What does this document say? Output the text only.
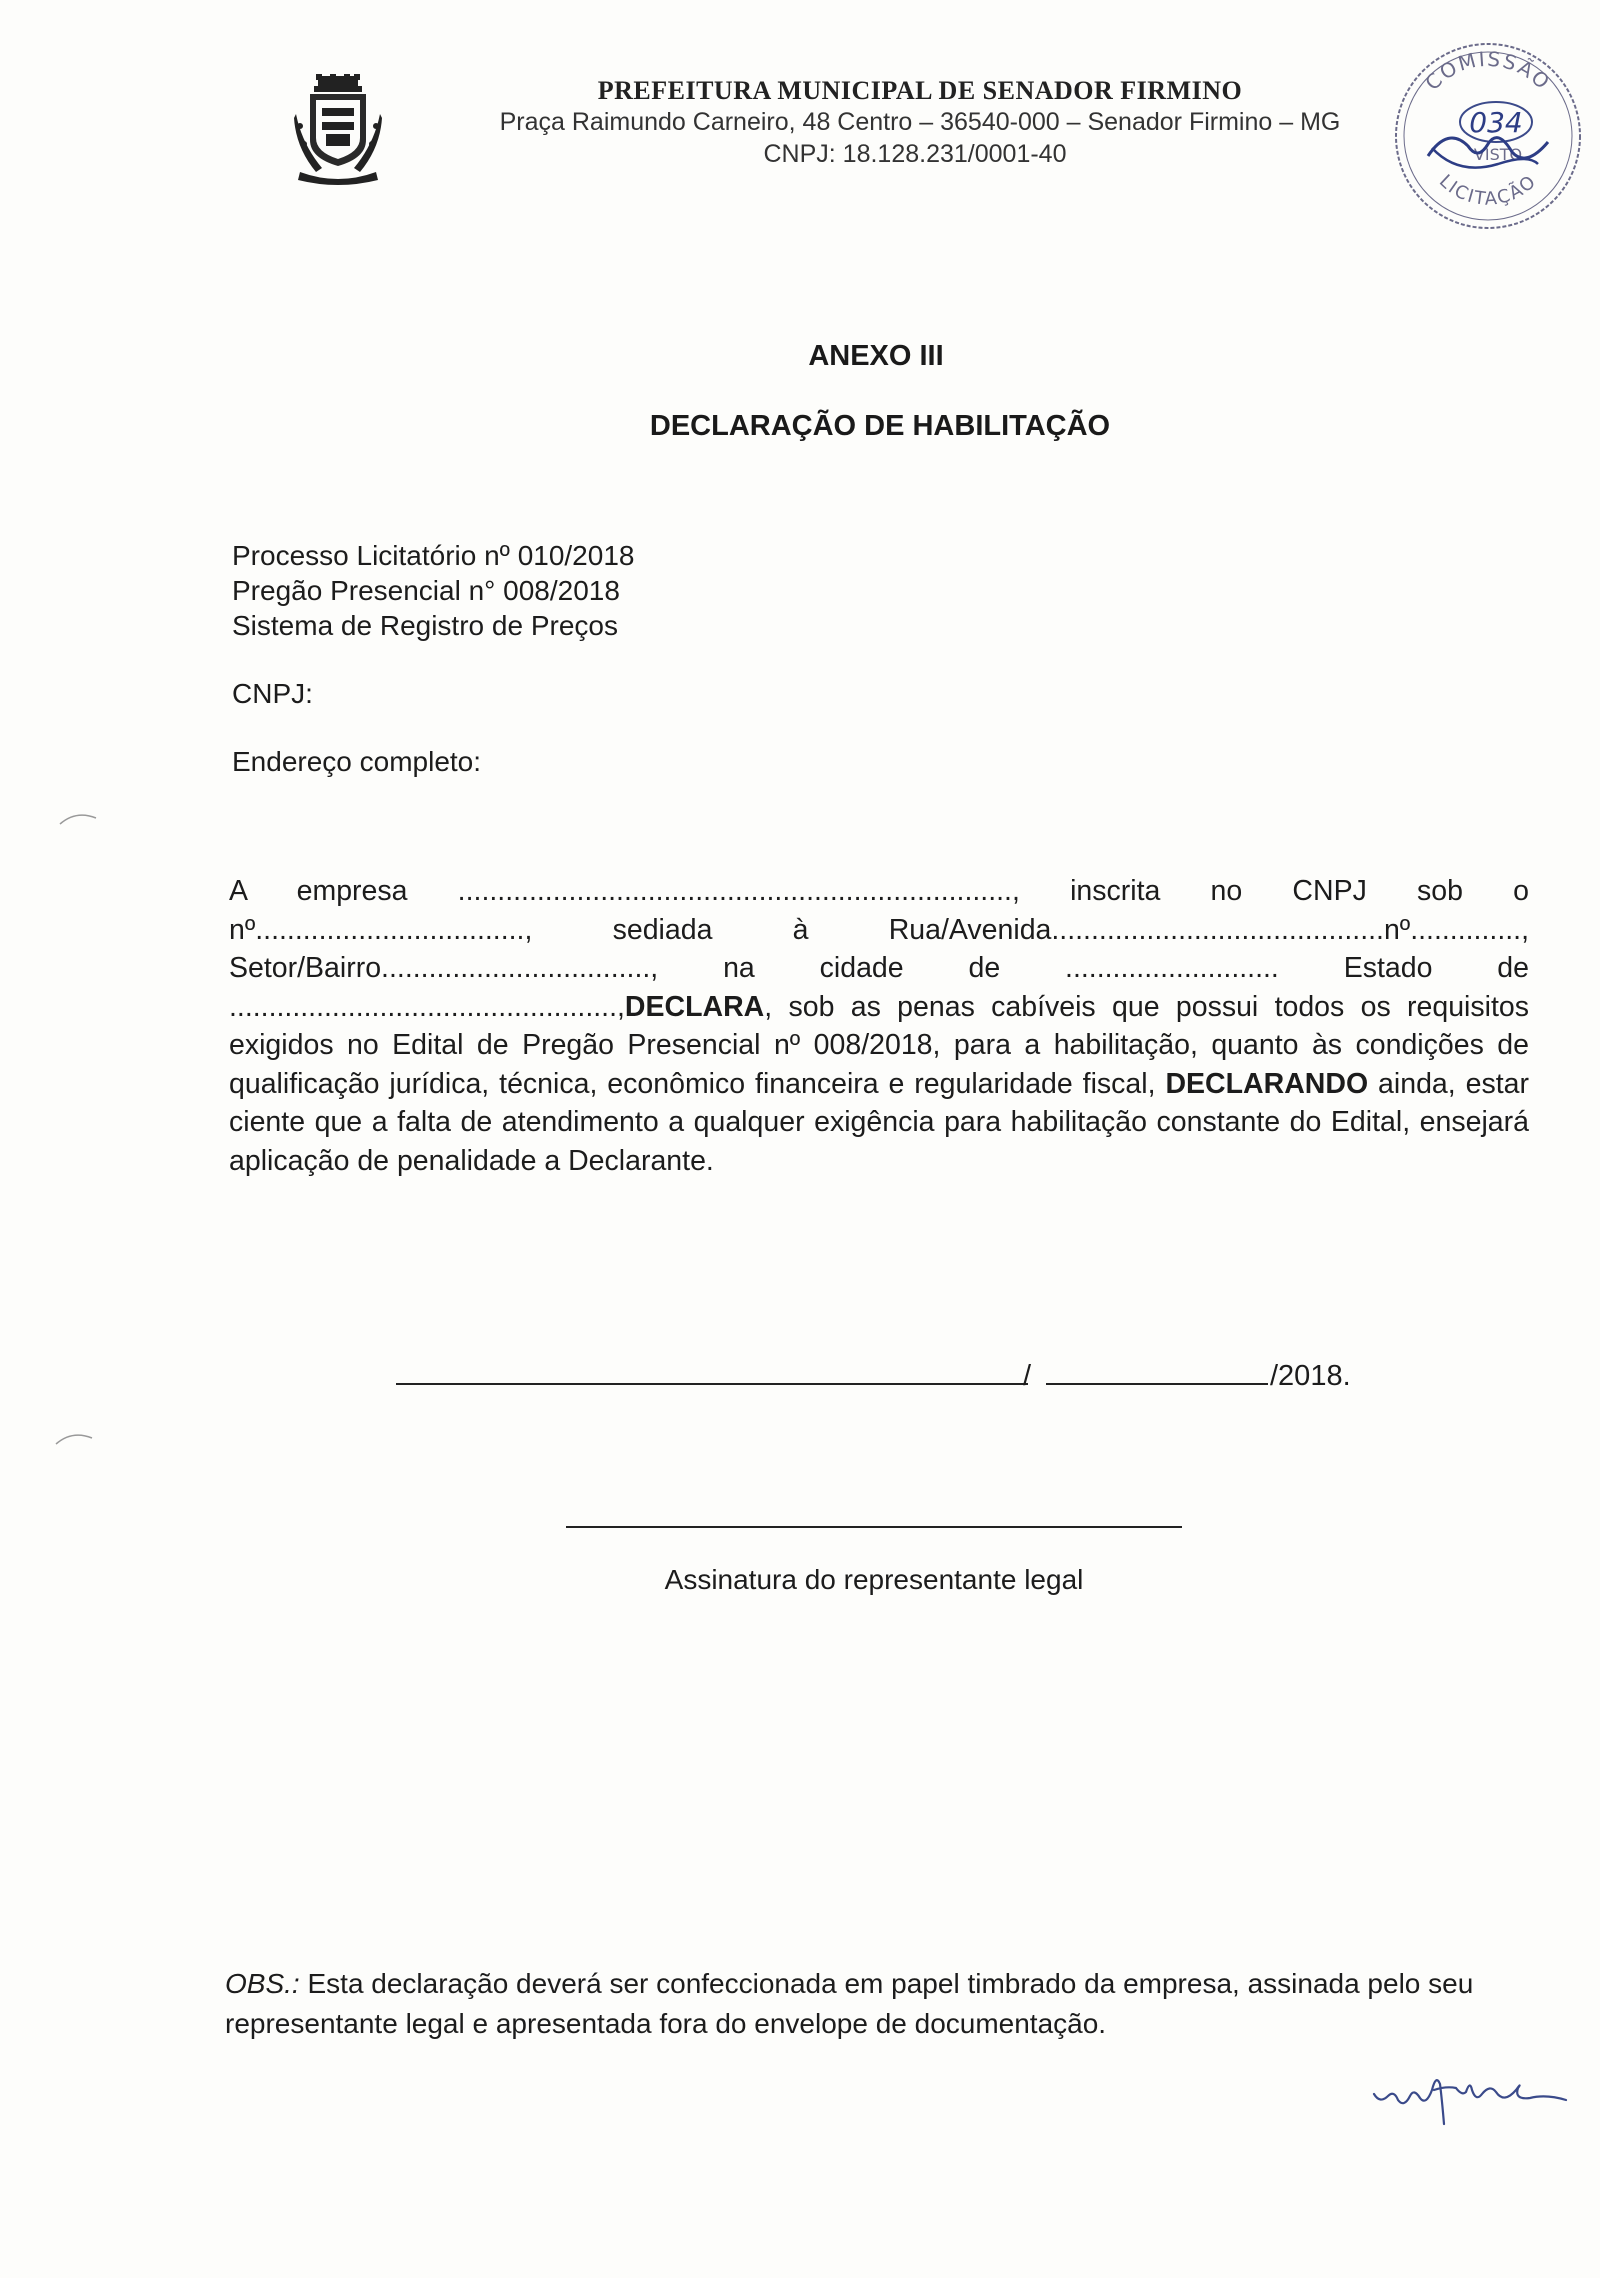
PREFEITURA MUNICIPAL DE SENADOR FIRMINO
Praça Raimundo Carneiro, 48 Centro – 36540-000 – Senador Firmino – MG
CNPJ: 18.128.231/0001-40
COMISSÃO
LICITAÇÃO
034
VISTO
ANEXO III
DECLARAÇÃO DE HABILITAÇÃO
Processo Licitatório nº 010/2018
Pregão Presencial n° 008/2018
Sistema de Registro de Preços
CNPJ:
Endereço completo:
A empresa ......................................................................, inscrita no CNPJ sob o nº.................................., sediada à Rua/Avenida..........................................nº.............., Setor/Bairro.................................., na cidade de ........................... Estado de .................................................,DECLARA, sob as penas cabíveis que possui todos os requisitos exigidos no Edital de Pregão Presencial nº 008/2018, para a habilitação, quanto às condições de qualificação jurídica, técnica, econômico financeira e regularidade fiscal, DECLARANDO ainda, estar ciente que a falta de atendimento a qualquer exigência para habilitação constante do Edital, ensejará aplicação de penalidade a Declarante.
/	/2018.
Assinatura do representante legal
OBS.: Esta declaração deverá ser confeccionada em papel timbrado da empresa, assinada pelo seu representante legal e apresentada fora do envelope de documentação.
